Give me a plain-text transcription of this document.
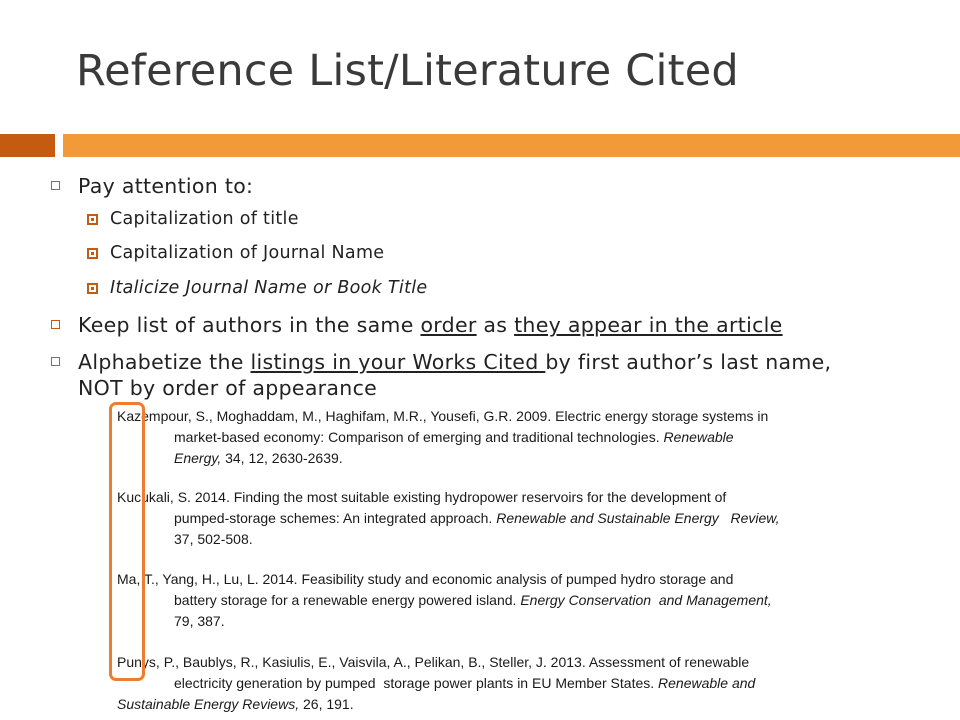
Reference List/Literature Cited
Pay attention to:
Capitalization of title
Capitalization of Journal Name
Italicize Journal Name or Book Title
Keep list of authors in the same order as they appear in the article
Alphabetize the listings in your Works Cited by first author’s last name,
NOT by order of appearance
Kazempour, S., Moghaddam, M., Haghifam, M.R., Yousefi, G.R. 2009. Electric energy storage systems in
market-based economy: Comparison of emerging and traditional technologies. Renewable
Energy, 34, 12, 2630-2639.
Kucukali, S. 2014. Finding the most suitable existing hydropower reservoirs for the development of
pumped-storage schemes: An integrated approach. Renewable and Sustainable Energy   Review,
37, 502-508.
Ma, T., Yang, H., Lu, L. 2014. Feasibility study and economic analysis of pumped hydro storage and
battery storage for a renewable energy powered island. Energy Conservation  and Management,
79, 387.
Punys, P., Baublys, R., Kasiulis, E., Vaisvila, A., Pelikan, B., Steller, J. 2013. Assessment of renewable
electricity generation by pumped  storage power plants in EU Member States. Renewable and
Sustainable Energy Reviews, 26, 191.
